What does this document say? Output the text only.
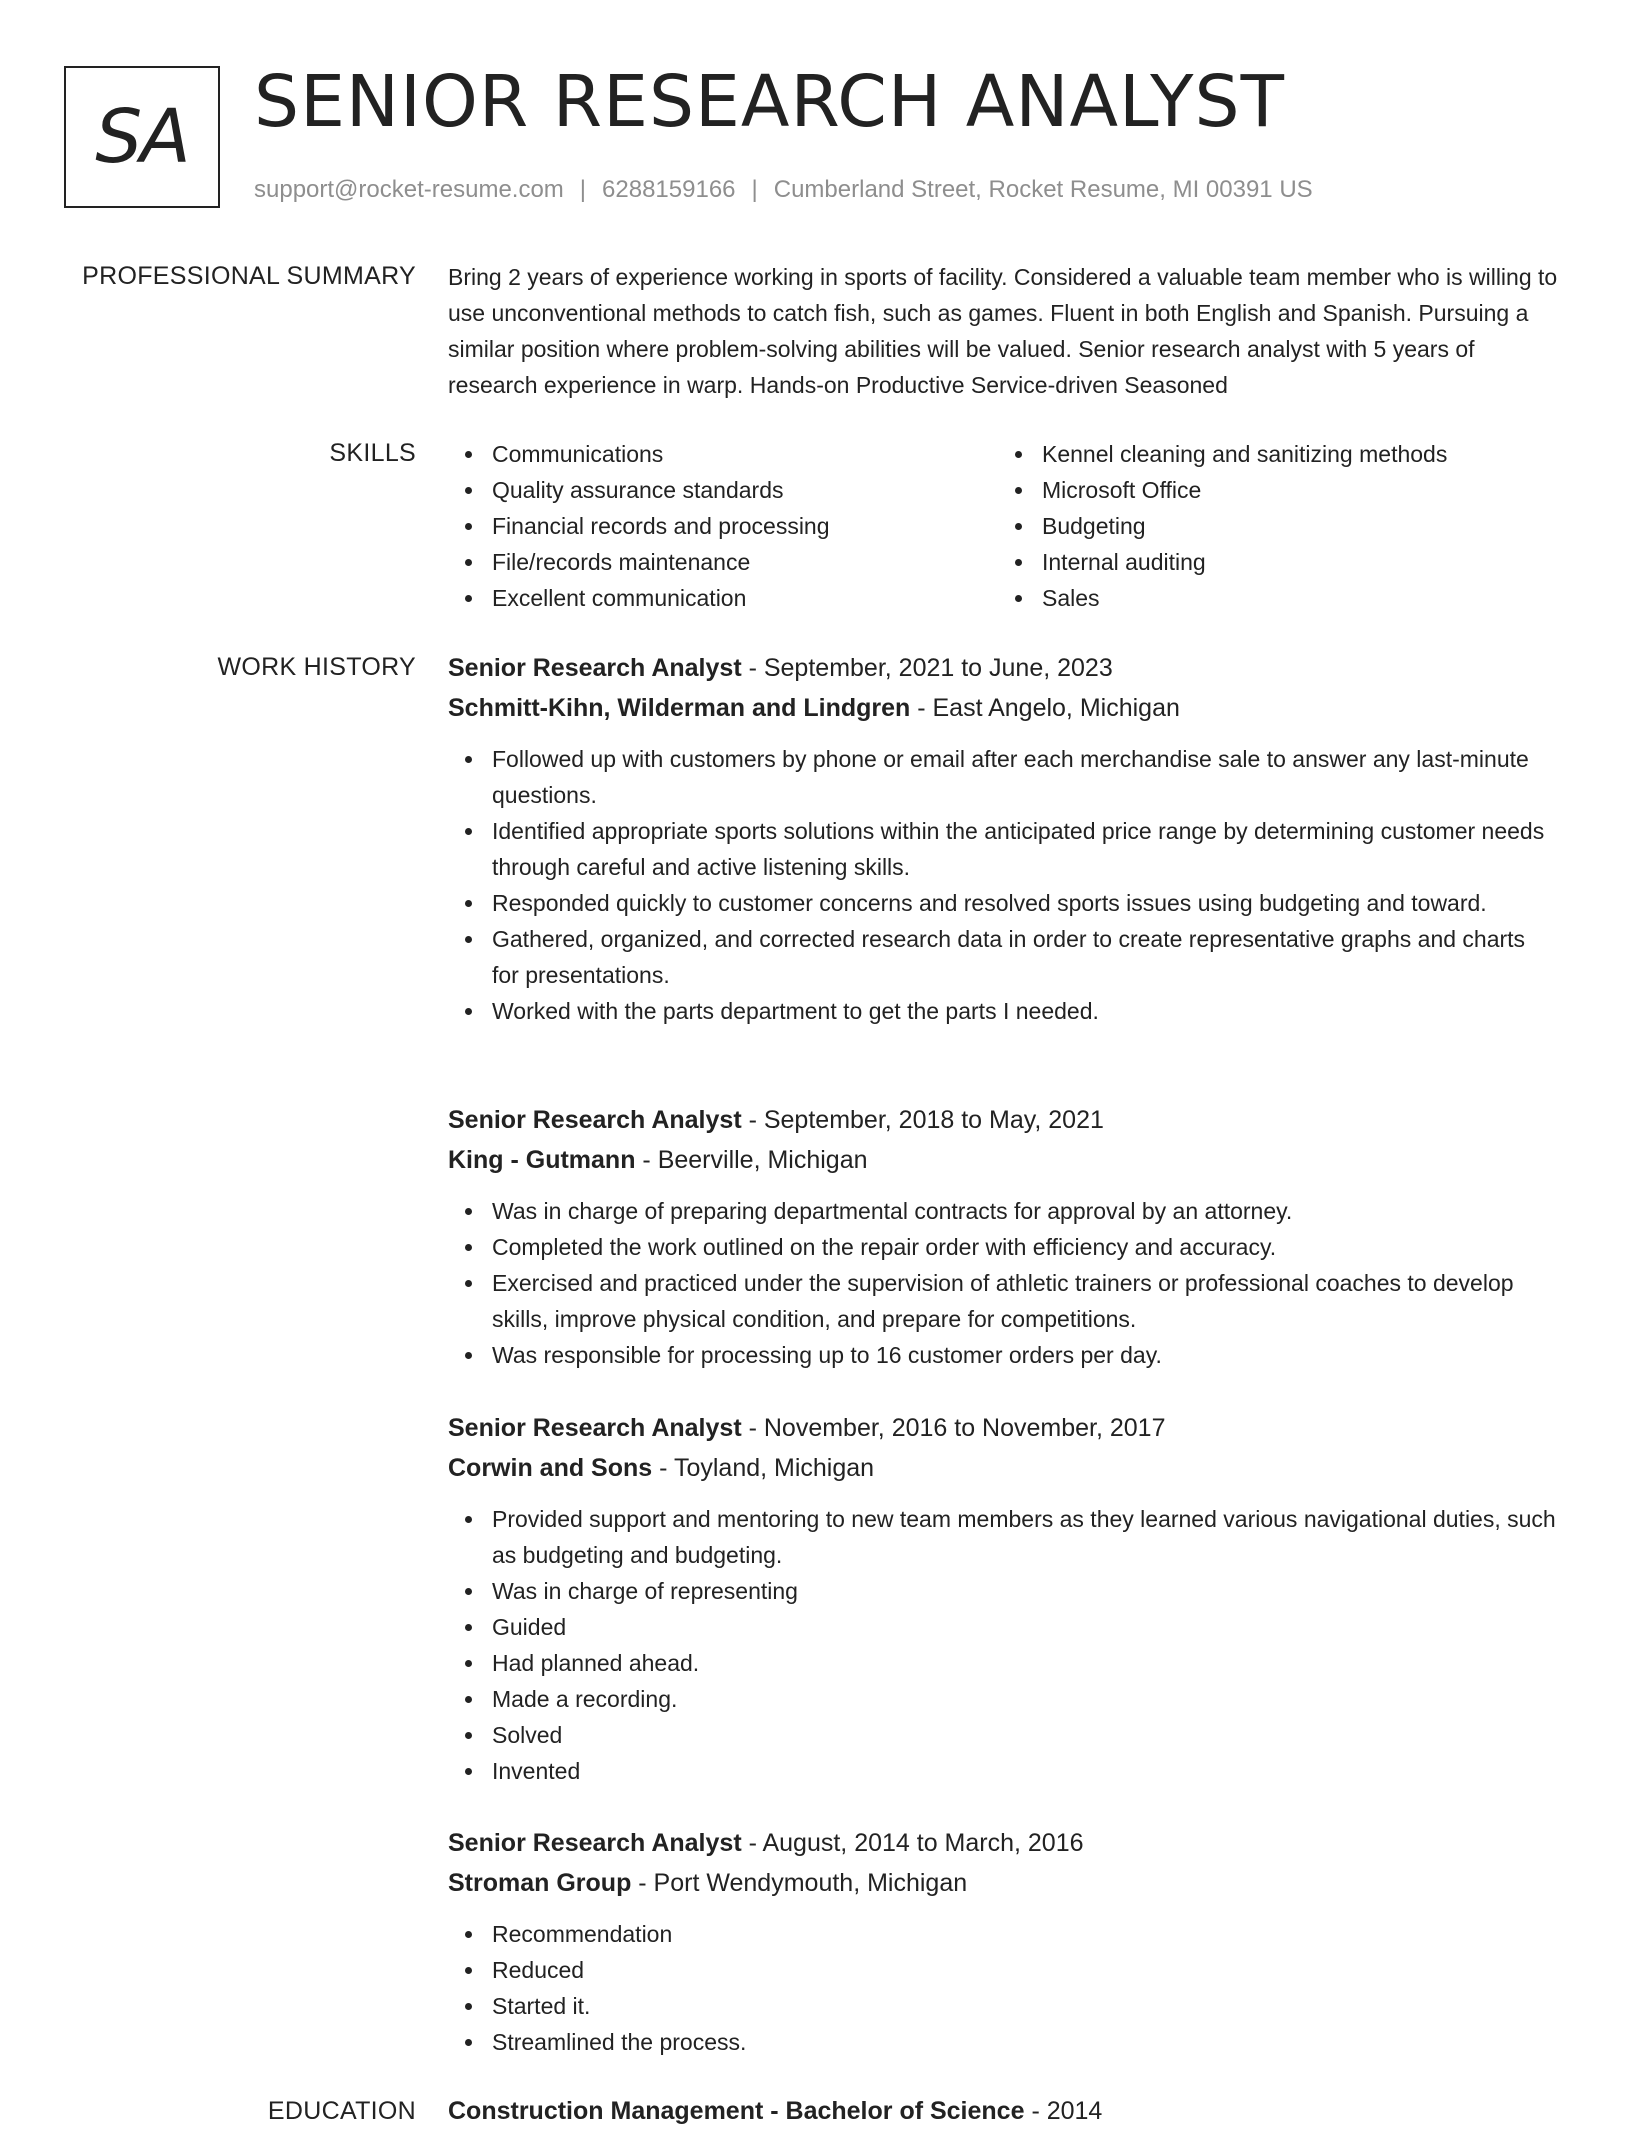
SA SENIOR RESEARCH ANALYST
support@rocket-resume.com | 6288159166 | Cumberland Street, Rocket Resume, MI 00391 US
PROFESSIONAL SUMMARY Bring 2 years of experience working in sports of facility. Considered a valuable team member who is willing to use unconventional methods to catch fish, such as games. Fluent in both English and Spanish. Pursuing a similar position where problem-solving abilities will be valued. Senior research analyst with 5 years of research experience in warp. Hands-on Productive Service-driven Seasoned

SKILLS	Communications
Quality assurance standards
Financial records and processing
File/records maintenance
Excellent communication
Kennel cleaning and sanitizing methods
Microsoft Office
Budgeting
Internal auditing
Sales
WORK HISTORY Senior Research Analyst - September, 2021 to June, 2023
Schmitt-Kihn, Wilderman and Lindgren - East Angelo, Michigan
Followed up with customers by phone or email after each merchandise sale to answer any last-minute questions.
Identified appropriate sports solutions within the anticipated price range by determining customer needs through careful and active listening skills.
Responded quickly to customer concerns and resolved sports issues using budgeting and toward.
Gathered, organized, and corrected research data in order to create representative graphs and charts for presentations.
Worked with the parts department to get the parts I needed.
Senior Research Analyst - September, 2018 to May, 2021
King - Gutmann - Beerville, Michigan
Was in charge of preparing departmental contracts for approval by an attorney.
Completed the work outlined on the repair order with efficiency and accuracy.
Exercised and practiced under the supervision of athletic trainers or professional coaches to develop skills, improve physical condition, and prepare for competitions.
Was responsible for processing up to 16 customer orders per day.
Senior Research Analyst - November, 2016 to November, 2017
Corwin and Sons - Toyland, Michigan
Provided support and mentoring to new team members as they learned various navigational duties, such as budgeting and budgeting.
Was in charge of representing
Guided
Had planned ahead.
Made a recording.
Solved
Invented
Senior Research Analyst - August, 2014 to March, 2016
Stroman Group - Port Wendymouth, Michigan
Recommendation
Reduced
Started it.
Streamlined the process.
EDUCATION Construction Management - Bachelor of Science - 2014
